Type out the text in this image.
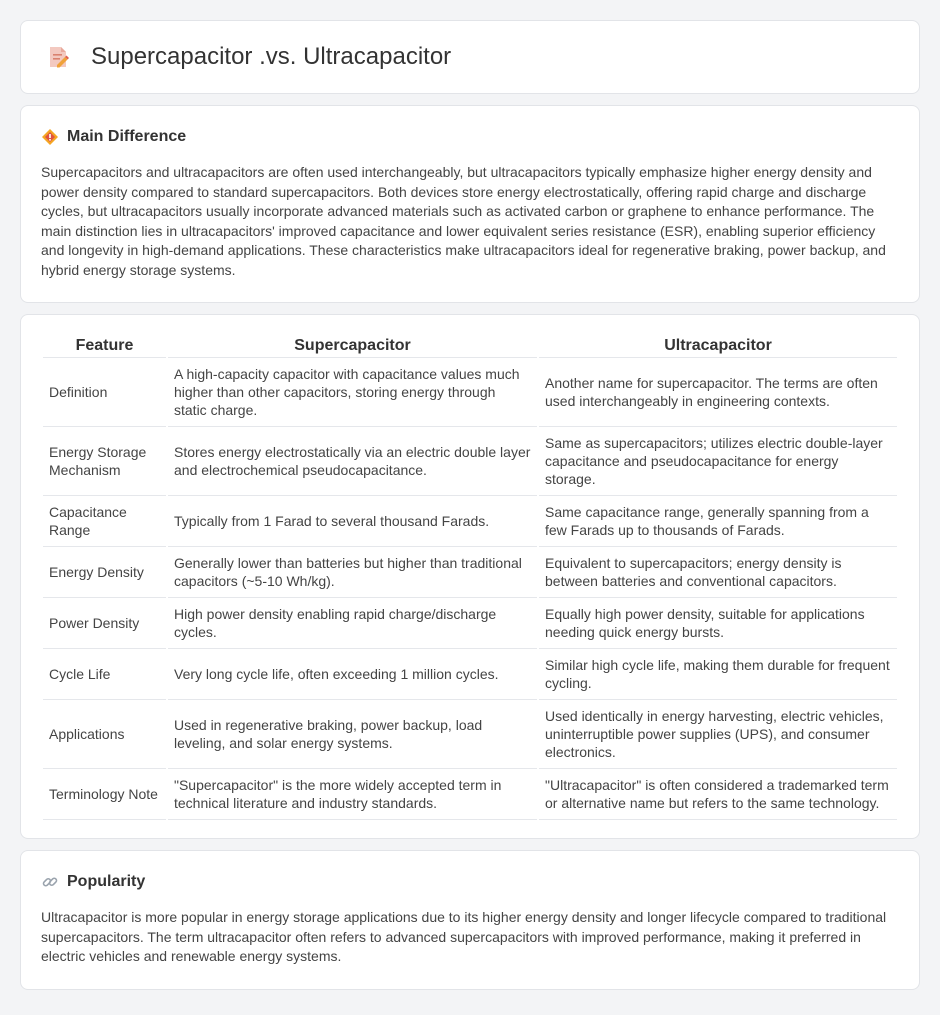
Supercapacitor .vs. Ultracapacitor
Main Difference

Supercapacitors and ultracapacitors are often used interchangeably, but ultracapacitors typically emphasize higher energy density and power density compared to standard supercapacitors. Both devices store energy electrostatically, offering rapid charge and discharge cycles, but ultracapacitors usually incorporate advanced materials such as activated carbon or graphene to enhance performance. The main distinction lies in ultracapacitors' improved capacitance and lower equivalent series resistance (ESR), enabling superior efficiency and longevity in high-demand applications. These characteristics make ultracapacitors ideal for regenerative braking, power backup, and hybrid energy storage systems.

Feature	Supercapacitor	Ultracapacitor
Definition	A high-capacity capacitor with capacitance values much higher than other capacitors, storing energy through static charge.	Another name for supercapacitor. The terms are often used interchangeably in engineering contexts.
Energy Storage Mechanism	Stores energy electrostatically via an electric double layer and electrochemical pseudocapacitance.	Same as supercapacitors; utilizes electric double-layer capacitance and pseudocapacitance for energy storage.
Capacitance Range	Typically from 1 Farad to several thousand Farads.	Same capacitance range, generally spanning from a few Farads up to thousands of Farads.
Energy Density	Generally lower than batteries but higher than traditional capacitors (~5-10 Wh/kg).	Equivalent to supercapacitors; energy density is between batteries and conventional capacitors.
Power Density	High power density enabling rapid charge/discharge cycles.	Equally high power density, suitable for applications needing quick energy bursts.
Cycle Life	Very long cycle life, often exceeding 1 million cycles.	Similar high cycle life, making them durable for frequent cycling.
Applications	Used in regenerative braking, power backup, load leveling, and solar energy systems.	Used identically in energy harvesting, electric vehicles, uninterruptible power supplies (UPS), and consumer electronics.
Terminology Note	"Supercapacitor" is the more widely accepted term in technical literature and industry standards.	"Ultracapacitor" is often considered a trademarked term or alternative name but refers to the same technology.
Popularity

Ultracapacitor is more popular in energy storage applications due to its higher energy density and longer lifecycle compared to traditional supercapacitors. The term ultracapacitor often refers to advanced supercapacitors with improved performance, making it preferred in electric vehicles and renewable energy systems.
